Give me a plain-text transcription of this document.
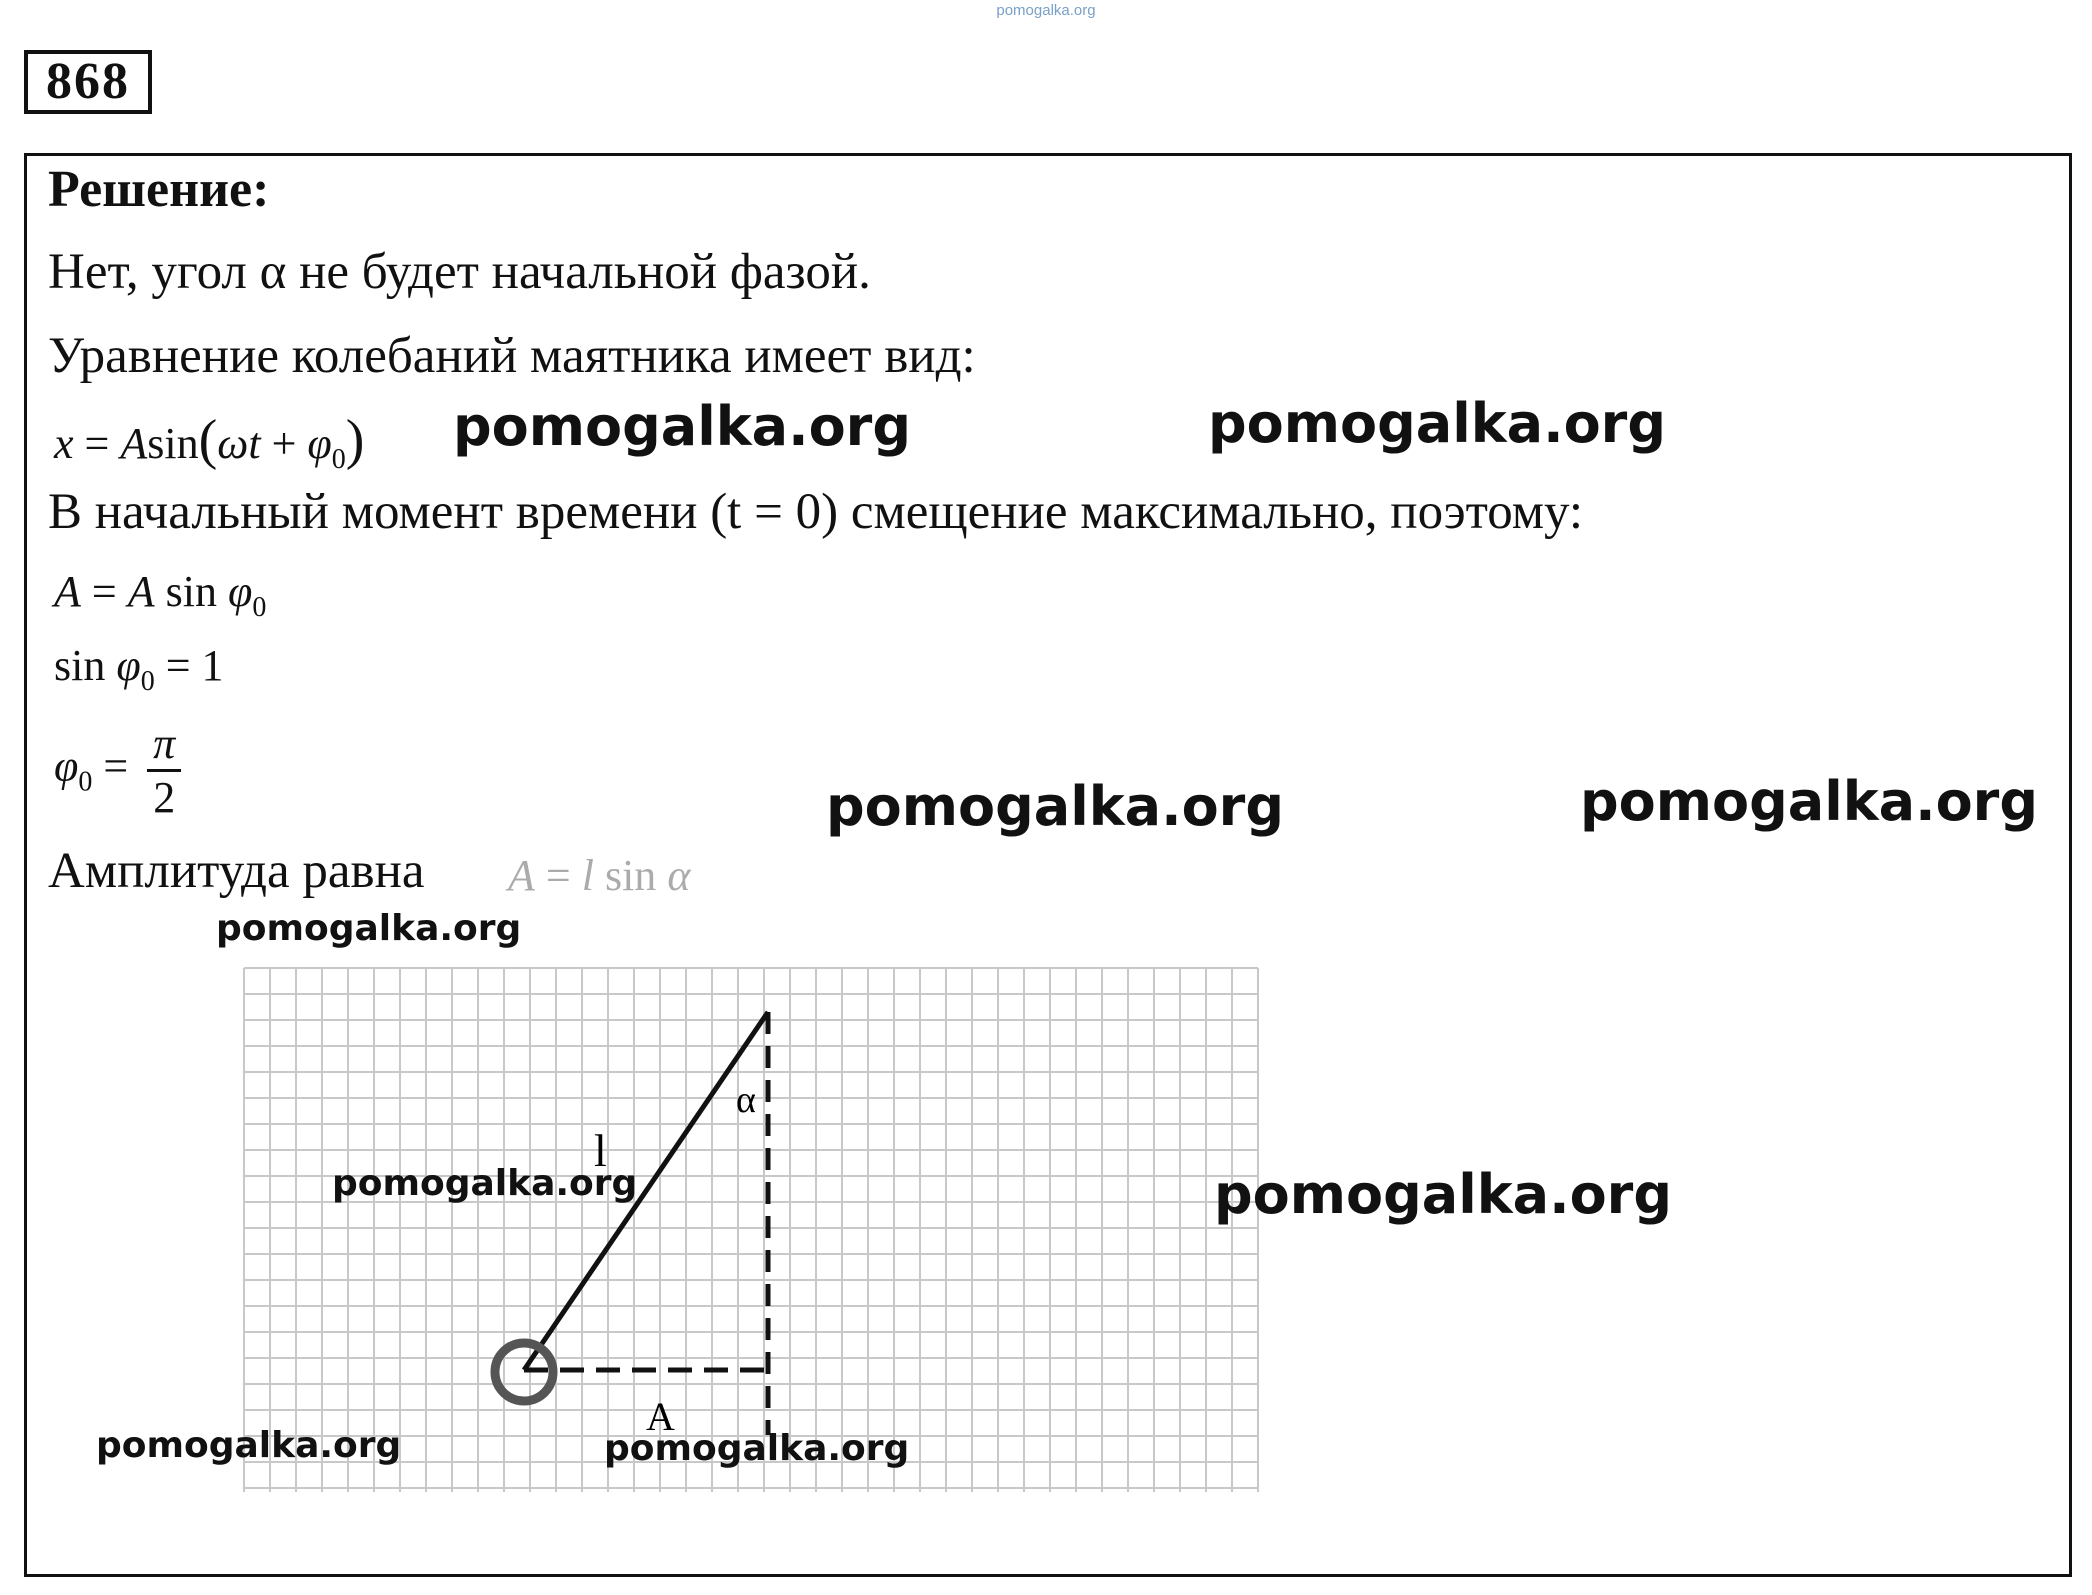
pomogalka.org
868
Решение:
Нет, угол α не будет начальной фазой.
Уравнение колебаний маятника имеет вид:
$x = Asin(\omega t + \varphi_0)$ pomogalka.org	pomogalka.org
В начальный момент времени (t = 0) смещение максимально, поэтому:
A = A $\sin \varphi_0$
$\sin \varphi_0 = 1$
$\varphi_0 = \frac{\pi}{2}$	pomogalka.org	pomogalka.org
Амплитуда равна A = l sin α
pomogalka.org
α
l
A
pomogalka.org	pomogalka.org
pomogalka.org	pomogalka.org
